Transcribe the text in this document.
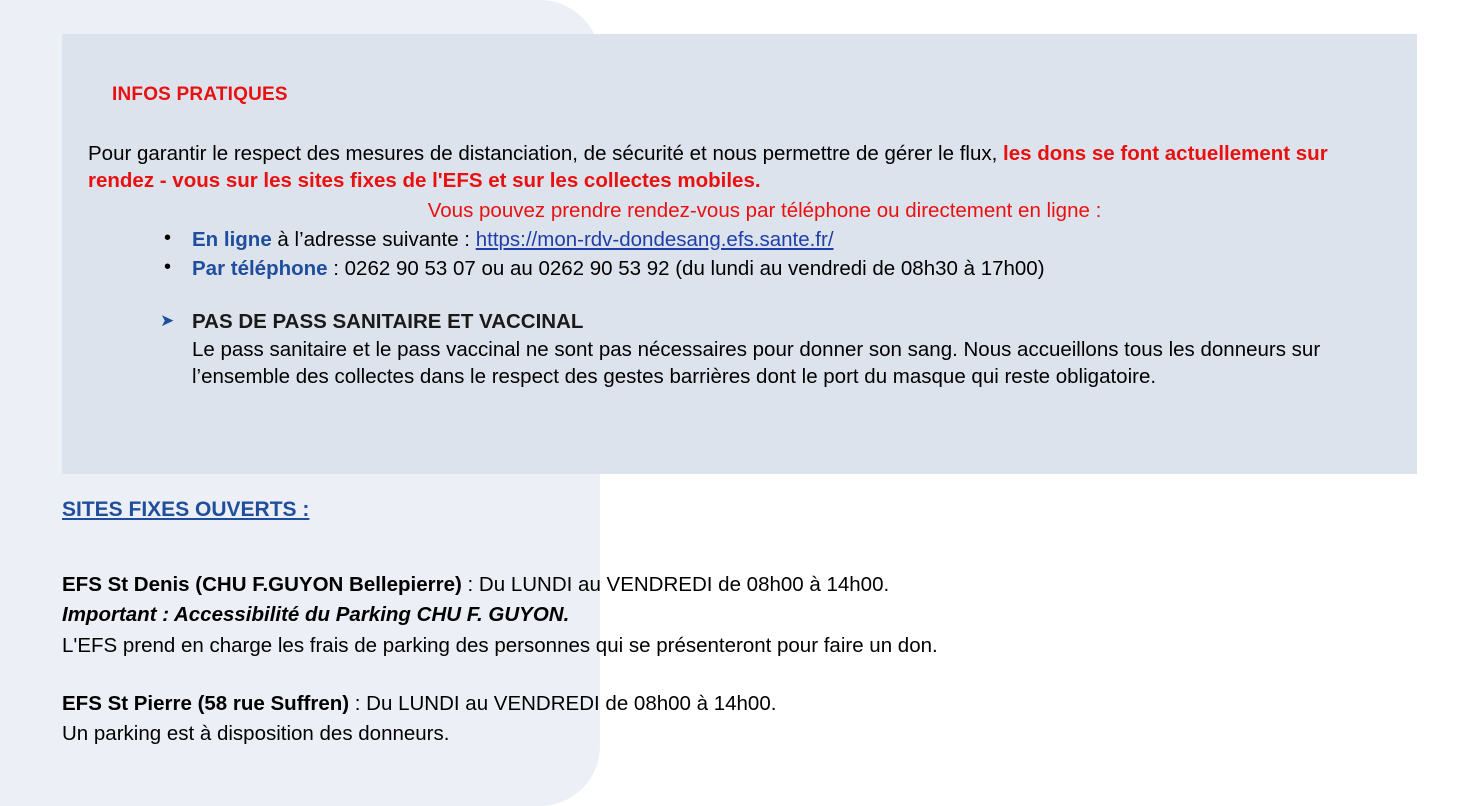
INFOS PRATIQUES

Pour garantir le respect des mesures de distanciation, de sécurité et nous permettre de gérer le flux, les dons se font actuellement sur rendez - vous sur les sites fixes de l'EFS et sur les collectes mobiles.

Vous pouvez prendre rendez-vous par téléphone ou directement en ligne :

• En ligne à l’adresse suivante : https://mon-rdv-dondesang.efs.sante.fr/
• Par téléphone : 0262 90 53 07 ou au 0262 90 53 92 (du lundi au vendredi de 08h30 à 17h00)

➤ PAS DE PASS SANITAIRE ET VACCINAL

Le pass sanitaire et le pass vaccinal ne sont pas nécessaires pour donner son sang. Nous accueillons tous les donneurs sur l’ensemble des collectes dans le respect des gestes barrières dont le port du masque qui reste obligatoire.

SITES FIXES OUVERTS :

EFS St Denis (CHU F.GUYON Bellepierre) : Du LUNDI au VENDREDI de 08h00 à 14h00.

Important : Accessibilité du Parking CHU F. GUYON.

L'EFS prend en charge les frais de parking des personnes qui se présenteront pour faire un don.

EFS St Pierre (58 rue Suffren) : Du LUNDI au VENDREDI de 08h00 à 14h00.

Un parking est à disposition des donneurs.
